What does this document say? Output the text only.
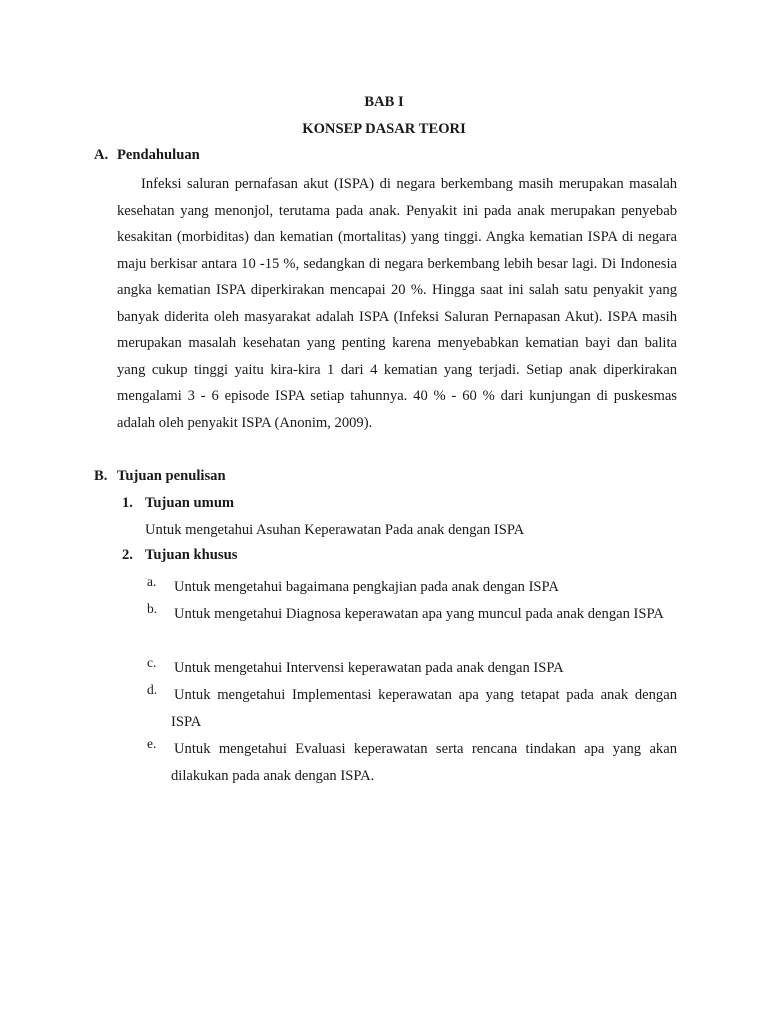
BAB I
KONSEP DASAR TEORI
A. Pendahuluan

Infeksi saluran pernafasan akut (ISPA) di negara berkembang masih merupakan masalah kesehatan yang menonjol, terutama pada anak. Penyakit ini pada anak merupakan penyebab kesakitan (morbiditas) dan kematian (mortalitas) yang tinggi. Angka kematian ISPA di negara maju berkisar antara 10 -15 %, sedangkan di negara berkembang lebih besar lagi. Di Indonesia angka kematian ISPA diperkirakan mencapai 20 %. Hingga saat ini salah satu penyakit yang banyak diderita oleh masyarakat adalah ISPA (Infeksi Saluran Pernapasan Akut). ISPA masih merupakan masalah kesehatan yang penting karena menyebabkan kematian bayi dan balita yang cukup tinggi yaitu kira-kira 1 dari 4 kematian yang terjadi. Setiap anak diperkirakan mengalami 3 - 6 episode ISPA setiap tahunnya. 40 % - 60 % dari kunjungan di puskesmas adalah oleh penyakit ISPA (Anonim, 2009).

B. Tujuan penulisan
1. Tujuan umum
Untuk mengetahui Asuhan Keperawatan Pada anak dengan ISPA
2. Tujuan khusus
a. Untuk mengetahui bagaimana pengkajian pada anak dengan ISPA
b. Untuk mengetahui Diagnosa keperawatan apa yang muncul pada anak dengan ISPA
c. Untuk mengetahui Intervensi keperawatan pada anak dengan ISPA
d. Untuk mengetahui Implementasi keperawatan apa yang tetapat pada anak dengan ISPA
e. Untuk mengetahui Evaluasi keperawatan serta rencana tindakan apa yang akan dilakukan pada anak dengan ISPA.
